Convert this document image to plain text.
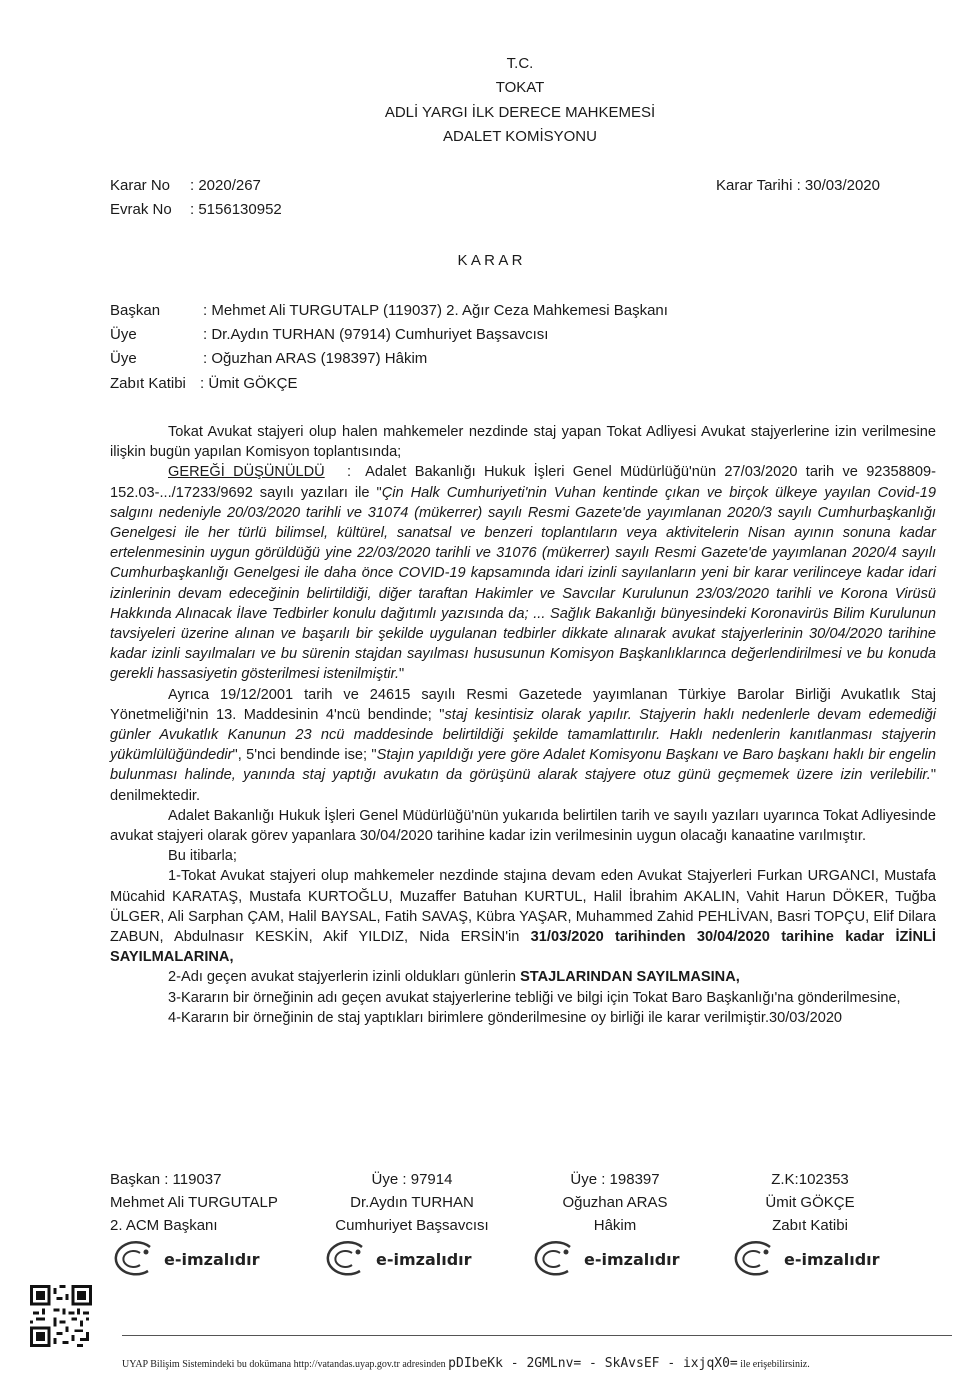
T.C.
TOKAT
ADLİ YARGI İLK DERECE MAHKEMESİ
ADALET KOMİSYONU
Karar No : 2020/267
Evrak No : 5156130952
Karar Tarihi : 30/03/2020
K A R A R
Başkan	: Mehmet Ali TURGUTALP (119037) 2. Ağır Ceza Mahkemesi Başkanı
Üye	: Dr.Aydın TURHAN (97914) Cumhuriyet Başsavcısı
Üye	: Oğuzhan ARAS (198397) Hâkim
Zabıt Katibi : Ümit GÖKÇE

Tokat Avukat stajyeri olup halen mahkemeler nezdinde staj yapan Tokat Adliyesi Avukat stajyerlerine izin verilmesine ilişkin bugün yapılan Komisyon toplantısında;

GEREĞİ DÜŞÜNÜLDÜ : Adalet Bakanlığı Hukuk İşleri Genel Müdürlüğü'nün 27/03/2020 tarih ve 92358809-152.03-.../17233/9692 sayılı yazıları ile "Çin Halk Cumhuriyeti'nin Vuhan kentinde çıkan ve birçok ülkeye yayılan Covid-19 salgını nedeniyle 20/03/2020 tarihli ve 31074 (mükerrer) sayılı Resmi Gazete'de yayımlanan 2020/3 sayılı Cumhurbaşkanlığı Genelgesi ile her türlü bilimsel, kültürel, sanatsal ve benzeri toplantıların veya aktivitelerin Nisan ayının sonuna kadar ertelenmesinin uygun görüldüğü yine 22/03/2020 tarihli ve 31076 (mükerrer) sayılı Resmi Gazete'de yayımlanan 2020/4 sayılı Cumhurbaşkanlığı Genelgesi ile daha önce COVID-19 kapsamında idari izinli sayılanların yeni bir karar verilinceye kadar idari izinlerinin devam edeceğinin belirtildiği, diğer taraftan Hakimler ve Savcılar Kurulunun 23/03/2020 tarihli ve Korona Virüsü Hakkında Alınacak İlave Tedbirler konulu dağıtımlı yazısında da; ... Sağlık Bakanlığı bünyesindeki Koronavirüs Bilim Kurulunun tavsiyeleri üzerine alınan ve başarılı bir şekilde uygulanan tedbirler dikkate alınarak avukat stajyerlerinin 30/04/2020 tarihine kadar izinli sayılmaları ve bu sürenin stajdan sayılması hususunun Komisyon Başkanlıklarınca değerlendirilmesi ve bu konuda gerekli hassasiyetin gösterilmesi istenilmiştir."

Ayrıca 19/12/2001 tarih ve 24615 sayılı Resmi Gazetede yayımlanan Türkiye Barolar Birliği Avukatlık Staj Yönetmeliği'nin 13. Maddesinin 4'ncü bendinde; "staj kesintisiz olarak yapılır. Stajyerin haklı nedenlerle devam edemediği günler Avukatlık Kanunun 23 ncü maddesinde belirtildiği şekilde tamamlattırılır. Haklı nedenlerin kanıtlanması stajyerin yükümlülüğündedir", 5'nci bendinde ise; "Stajın yapıldığı yere göre Adalet Komisyonu Başkanı ve Baro başkanı haklı bir engelin bulunması halinde, yanında staj yaptığı avukatın da görüşünü alarak stajyere otuz günü geçmemek üzere izin verilebilir." denilmektedir.

Adalet Bakanlığı Hukuk İşleri Genel Müdürlüğü'nün yukarıda belirtilen tarih ve sayılı yazıları uyarınca Tokat Adliyesinde avukat stajyeri olarak görev yapanlara 30/04/2020 tarihine kadar izin verilmesinin uygun olacağı kanaatine varılmıştır.

Bu itibarla;

1-Tokat Avukat stajyeri olup mahkemeler nezdinde stajına devam eden Avukat Stajyerleri Furkan URGANCI, Mustafa Mücahid KARATAŞ, Mustafa KURTOĞLU, Muzaffer Batuhan KURTUL, Halil İbrahim AKALIN, Vahit Harun DÖKER, Tuğba ÜLGER, Ali Sarphan ÇAM, Halil BAYSAL, Fatih SAVAŞ, Kübra YAŞAR, Muhammed Zahid PEHLİVAN, Basri TOPÇU, Elif Dilara ZABUN, Abdulnasır KESKİN, Akif YILDIZ, Nida ERSİN'in 31/03/2020 tarihinden 30/04/2020 tarihine kadar İZİNLİ SAYILMALARINA,

2-Adı geçen avukat stajyerlerin izinli oldukları günlerin STAJLARINDAN SAYILMASINA,

3-Kararın bir örneğinin adı geçen avukat stajyerlerine tebliği ve bilgi için Tokat Baro Başkanlığı'na gönderilmesine,

4-Kararın bir örneğinin de staj yaptıkları birimlere gönderilmesine oy birliği ile karar verilmiştir.30/03/2020

Başkan : 119037
Mehmet Ali TURGUTALP
2. ACM Başkanı
e-imzalıdır
Üye : 97914
Dr.Aydın TURHAN
Cumhuriyet Başsavcısı
e-imzalıdır
Üye : 198397
Oğuzhan ARAS
Hâkim
e-imzalıdır
Z.K:102353
Ümit GÖKÇE
Zabıt Katibi
e-imzalıdır
UYAP Bilişim Sistemindeki bu dokümana http://vatandas.uyap.gov.tr adresinden pDIbeKk - 2GMLnv= - SkAvsEF - ixjqX0= ile erişebilirsiniz.
